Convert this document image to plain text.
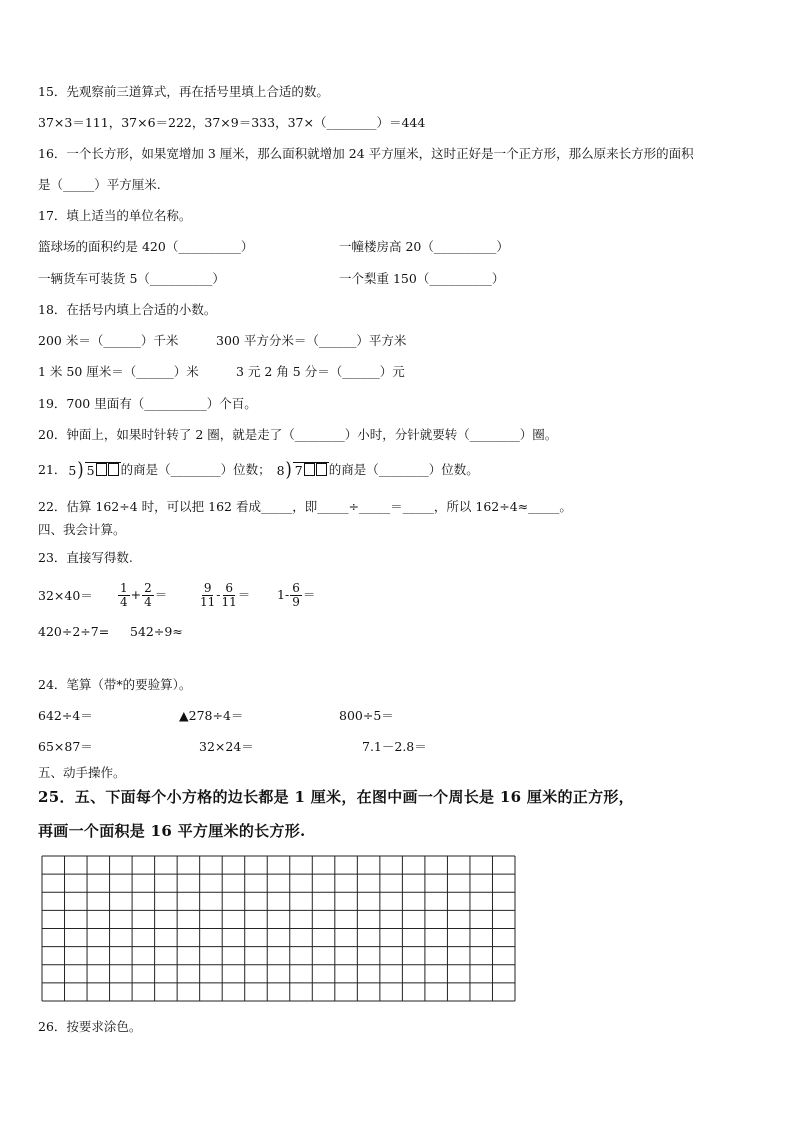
15．先观察前三道算式，再在括号里填上合适的数。
37×3＝111，37×6＝222，37×9＝333，37×（________）＝444
16．一个长方形，如果宽增加 3 厘米，那么面积就增加 24 平方厘米，这时正好是一个正方形，那么原来长方形的面积
是（_____）平方厘米.
17．填上适当的单位名称。
篮球场的面积约是 420（__________）	一幢楼房高 20（__________）
一辆货车可装货 5（__________）	一个梨重 150（__________）
18．在括号内填上合适的小数。
200 米＝（______）千米	300 平方分米＝（______）平方米
1 米 50 厘米＝（______）米	3 元 2 角 5 分＝（______）元
19．700 里面有（__________）个百。
20．钟面上，如果时针转了 2 圈，就是走了（________）小时，分针就要转（________）圈。
21． 5) 5 的商是（________）位数； 8) 7 的商是（________）位数。
22．估算 162÷4 时，可以把 162 看成_____，即_____÷_____＝_____，所以 162÷4≈_____。
四、我会计算。
23．直接写得数.
$32\times 40= \frac{1}{4} + \frac{2}{4}$ ＝	$\frac{9}{11} - \frac{6}{11} = 1- \frac{6}{9}$ ＝
420÷2÷7= 542÷9≈
24．笔算（带*的要验算）。
642÷4＝	▲278÷4＝	800÷5＝
65×87＝	32×24＝	7.1－2.8＝
五、动手操作。
25．五、下面每个小方格的边长都是 1 厘米，在图中画一个周长是 16 厘米的正方形，
再画一个面积是 16 平方厘米的长方形.
26．按要求涂色。
